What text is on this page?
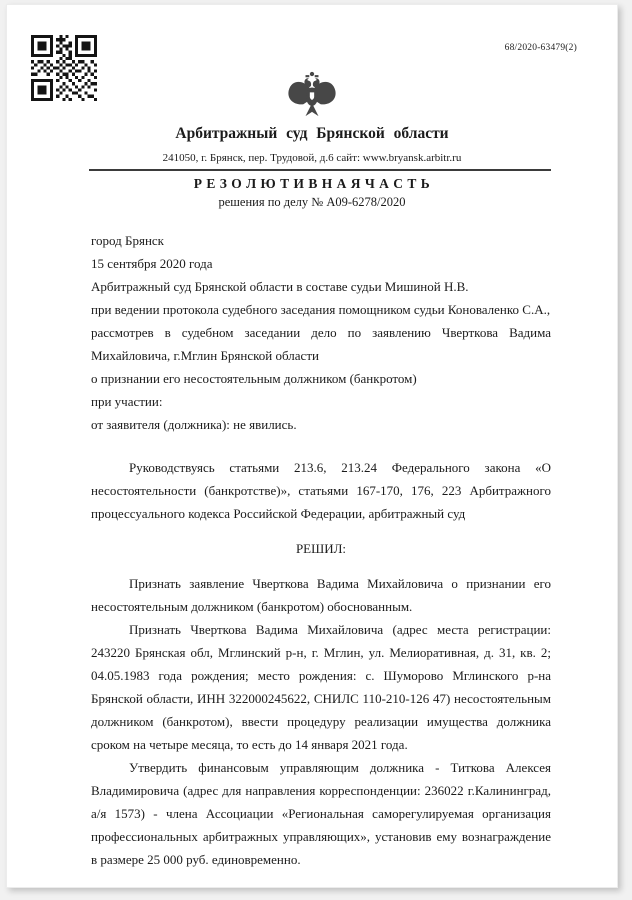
68/2020-63479(2)
Арбитражный суд Брянской области
241050, г. Брянск, пер. Трудовой, д.6 сайт: www.bryansk.arbitr.ru
Р Е З О Л Ю Т И В Н А Я Ч А С Т Ь
решения по делу № А09-6278/2020
город Брянск
15 сентября 2020 года
Арбитражный суд Брянской области в составе судьи Мишиной Н.В.
при ведении протокола судебного заседания помощником судьи Коноваленко С.А.,
рассмотрев в судебном заседании дело по заявлению Чверткова Вадима Михайловича, г.Мглин Брянской области
о признании его несостоятельным должником (банкротом)
при участии:
от заявителя (должника): не явились.

Руководствуясь статьями 213.6, 213.24 Федерального закона «О несостоятельности (банкротстве)», статьями 167-170, 176, 223 Арбитражного процессуального кодекса Российской Федерации, арбитражный суд

РЕШИЛ:

Признать заявление Чверткова Вадима Михайловича о признании его несостоятельным должником (банкротом) обоснованным.

Признать Чверткова Вадима Михайловича (адрес места регистрации: 243220 Брянская обл, Мглинский р-н, г. Мглин, ул. Мелиоративная, д. 31, кв. 2; 04.05.1983 года рождения; место рождения: с. Шуморово Мглинского р-на Брянской области, ИНН 322000245622, СНИЛС 110-210-126 47) несостоятельным должником (банкротом), ввести процедуру реализации имущества должника сроком на четыре месяца, то есть до 14 января 2021 года.

Утвердить финансовым управляющим должника - Титкова Алексея Владимировича (адрес для направления корреспонденции: 236022 г.Калининград, а/я 1573) - члена Ассоциации «Региональная саморегулируемая организация профессиональных арбитражных управляющих», установив ему вознаграждение в размере 25 000 руб. единовременно.
